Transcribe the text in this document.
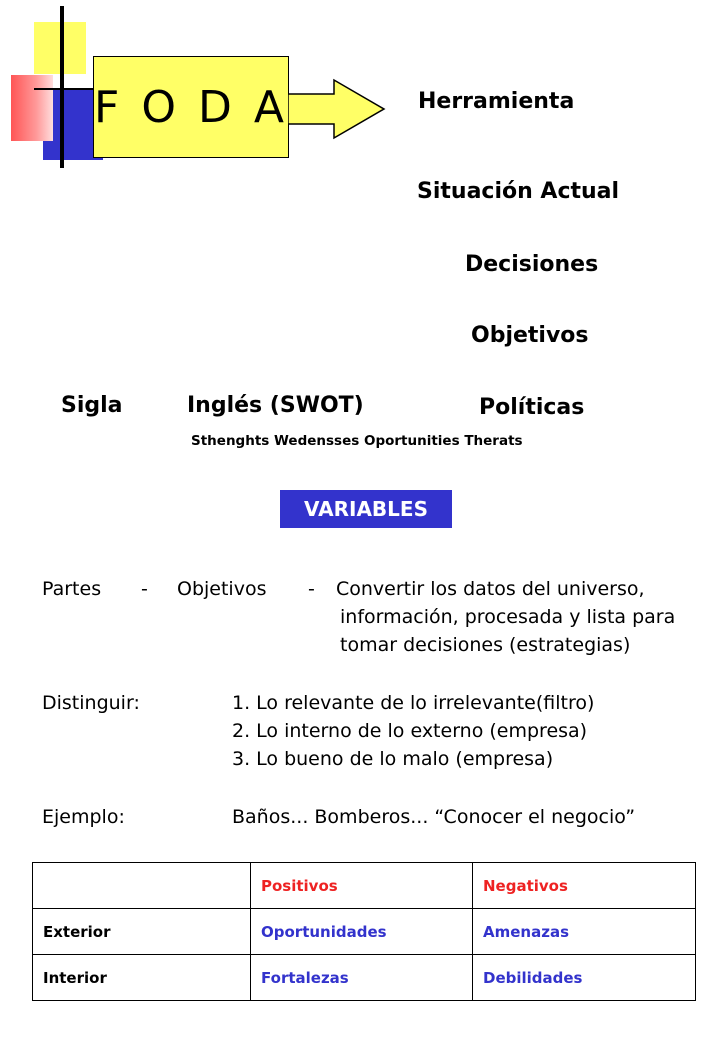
F O D A	Herramienta
Situación Actual
Decisiones
Objetivos
Políticas
Sigla	Inglés (SWOT)
Sthenghts Wedensses Oportunities Therats
VARIABLES
Partes - Objetivos - Convertir los datos del universo,
información, procesada y lista para
tomar decisiones (estrategias)
Distinguir:	1. Lo relevante de lo irrelevante(filtro)
2. Lo interno de lo externo (empresa)
3. Lo bueno de lo malo (empresa)
Ejemplo:	Baños... Bomberos... “Conocer el negocio”
	Positivos	Negativos
Exterior	Oportunidades	Amenazas
Interior	Fortalezas	Debilidades
